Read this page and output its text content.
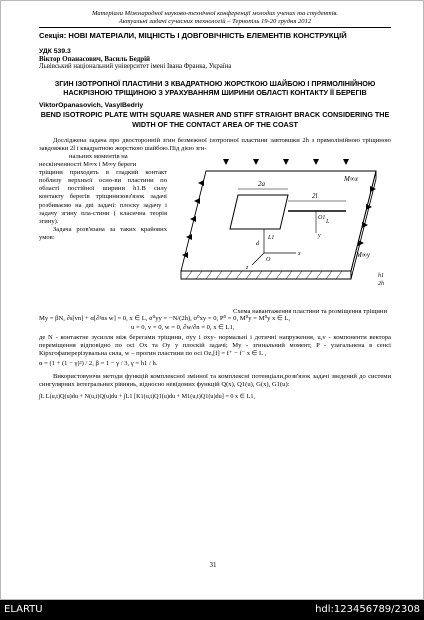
Матеріали Міжнародної науково-технічної конференції молодих учених та студентів.
Актуальні задачі сучасних технологій – Тернопіль 19-20 грудня 2012
Секція: НОВІ МАТЕРІАЛИ, МІЦНІСТЬ І ДОВГОВІЧНІСТЬ ЕЛЕМЕНТІВ КОНСТРУКЦІЙ
УДК 539.3
Віктор Опанасович, Василь Бедрій
Львівський національний університет імені Івана Франка, Україна
ЗГИН ІЗОТРОПНОЇ ПЛАСТИНИ З КВАДРАТНОЮ ЖОРСТКОЮ ШАЙБОЮ І ПРЯМОЛІНІЙНОЮ НАСКРІЗНОЮ ТРІЩИНОЮ З УРАХУВАННЯМ ШИРИНИ ОБЛАСТІ КОНТАКТУ ЇЇ БЕРЕГІВ
ViktorOpanasovich, VasylBedriy
BEND ISOTROPIC PLATE WITH SQUARE WASHER AND STIFF STRAIGHT BRACK CONSIDERING THE WIDTH OF THE CONTACT AREA OF THE COAST
Досліджена задача про двосторонній згин безмежної ізотропної пластини завтовшки 2h з прямолінійною тріщиною завдовжки 2l і квадратною жорсткою шайбою.Під дією зги-
нальних моментів на
нескінченності M∞x i M∞y береги
тріщини приходять в гладкий контакт поблизу верхньої осно-ви пластини по області постійної ширини h1.В силу контакту берегів тріщинизовз'язок задачі розбиваємо на дві задачі: плоску задачу і задачу згину пла-стини ( класична теорія згину).
Задача розв'язана за таких крайових умов:
2a
2l
M∞x
M∞y
O1
L
L1
O
x
y
z
d
h1
2h
Схема навантаження пластини та розміщення тріщини
My = βN, ∂s[vn] + α[∂²ns w] = 0, x ∈ L, σ⁰yy = −N/(2h), σ⁰xy = 0, P⁰ = 0, M⁰y = M⁰y x ∈ L,
u = 0, v = 0, w = 0, ∂w/∂n = 0, x ∈ L1,
де N - контактне зусилля між берегами тріщини, σyy і σxy- нормальні і дотичні напруження, u,v - компоненти вектора переміщення відповідно по осі Ox та Oy у плоскій задачі; My - згинальний момент, P - узагальнена в сенсі Кірхгофаперерізувальна сила, w – прогин пластини по осі Oz,[f] = f⁺ − f⁻ x ∈ L ,
α = (1 + (1 − γ)²) / 2, β = 1 − γ / 3, γ = h1 / h.
Використовуючи методи функцій комплексної змінної та комплексні потенціали,розв'язок задачі зведений до системи сингулярних інтегральних рівнянь, відносно невідомих функцій Q(x), Q1(u), G(x), G1(u):
∫L L(u,t)Q(u)du + N(u,t)Q(u)du + ∫L1 [K1(u,t)Q1(u)du + M1(u,t)Q1(u)du] = 0 x ∈ L1,
31
ELARTU	hdl:123456789/2308
